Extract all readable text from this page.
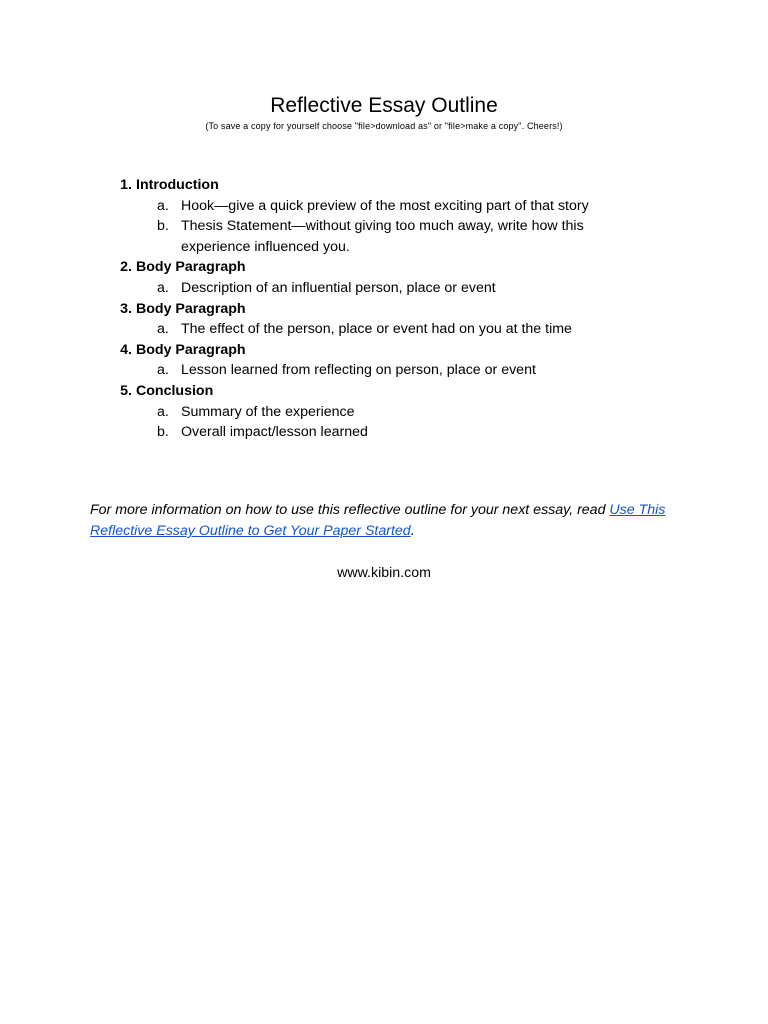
Reflective Essay Outline

(To save a copy for yourself choose "file>download as" or "file>make a copy". Cheers!)

1. Introduction
a. Hook—give a quick preview of the most exciting part of that story
b. Thesis Statement—without giving too much away, write how this experience influenced you.
2. Body Paragraph
a. Description of an influential person, place or event
3. Body Paragraph
a. The effect of the person, place or event had on you at the time
4. Body Paragraph
a. Lesson learned from reflecting on person, place or event
5. Conclusion
a. Summary of the experience
b. Overall impact/lesson learned

For more information on how to use this reflective outline for your next essay, read Use This Reflective Essay Outline to Get Your Paper Started.

www.kibin.com
